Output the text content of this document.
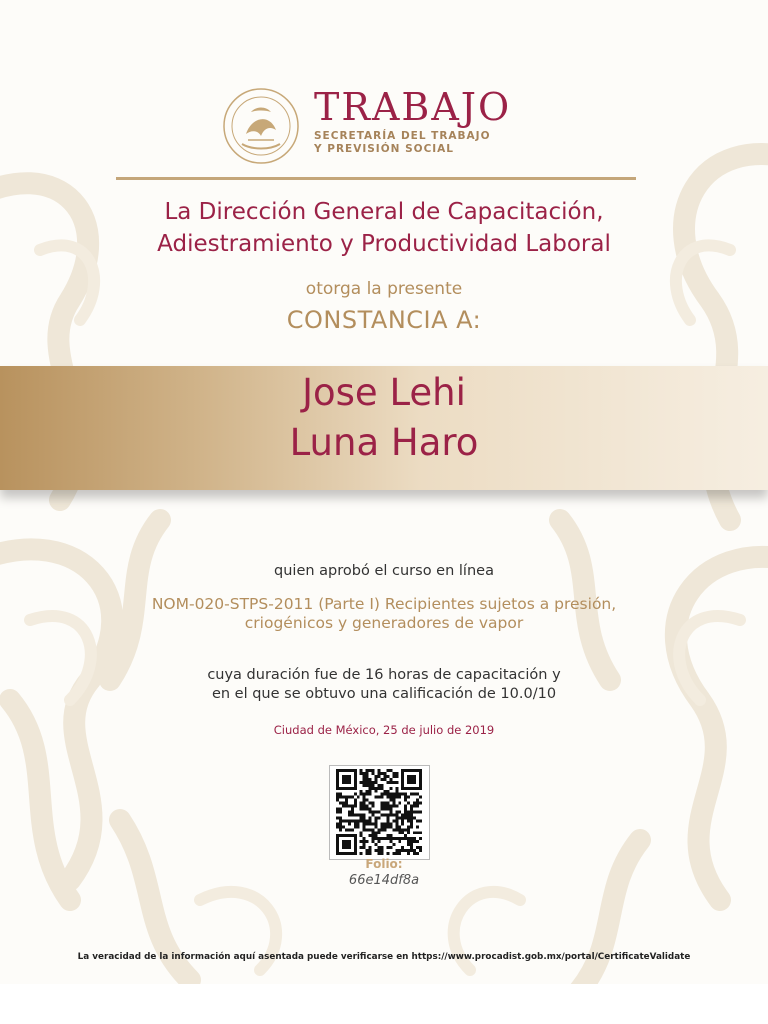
TRABAJO
SECRETARÍA DEL TRABAJO
Y PREVISIÓN SOCIAL
La Dirección General de Capacitación,
Adiestramiento y Productividad Laboral
otorga la presente
CONSTANCIA A:
Jose Lehi
Luna Haro
quien aprobó el curso en línea
NOM-020-STPS-2011 (Parte I) Recipientes sujetos a presión,
criogénicos y generadores de vapor
cuya duración fue de 16 horas de capacitación y
en el que se obtuvo una calificación de 10.0/10
Ciudad de México, 25 de julio de 2019
Folio:
66e14df8a
La veracidad de la información aquí asentada puede verificarse en https://www.procadist.gob.mx/portal/CertificateValidate
